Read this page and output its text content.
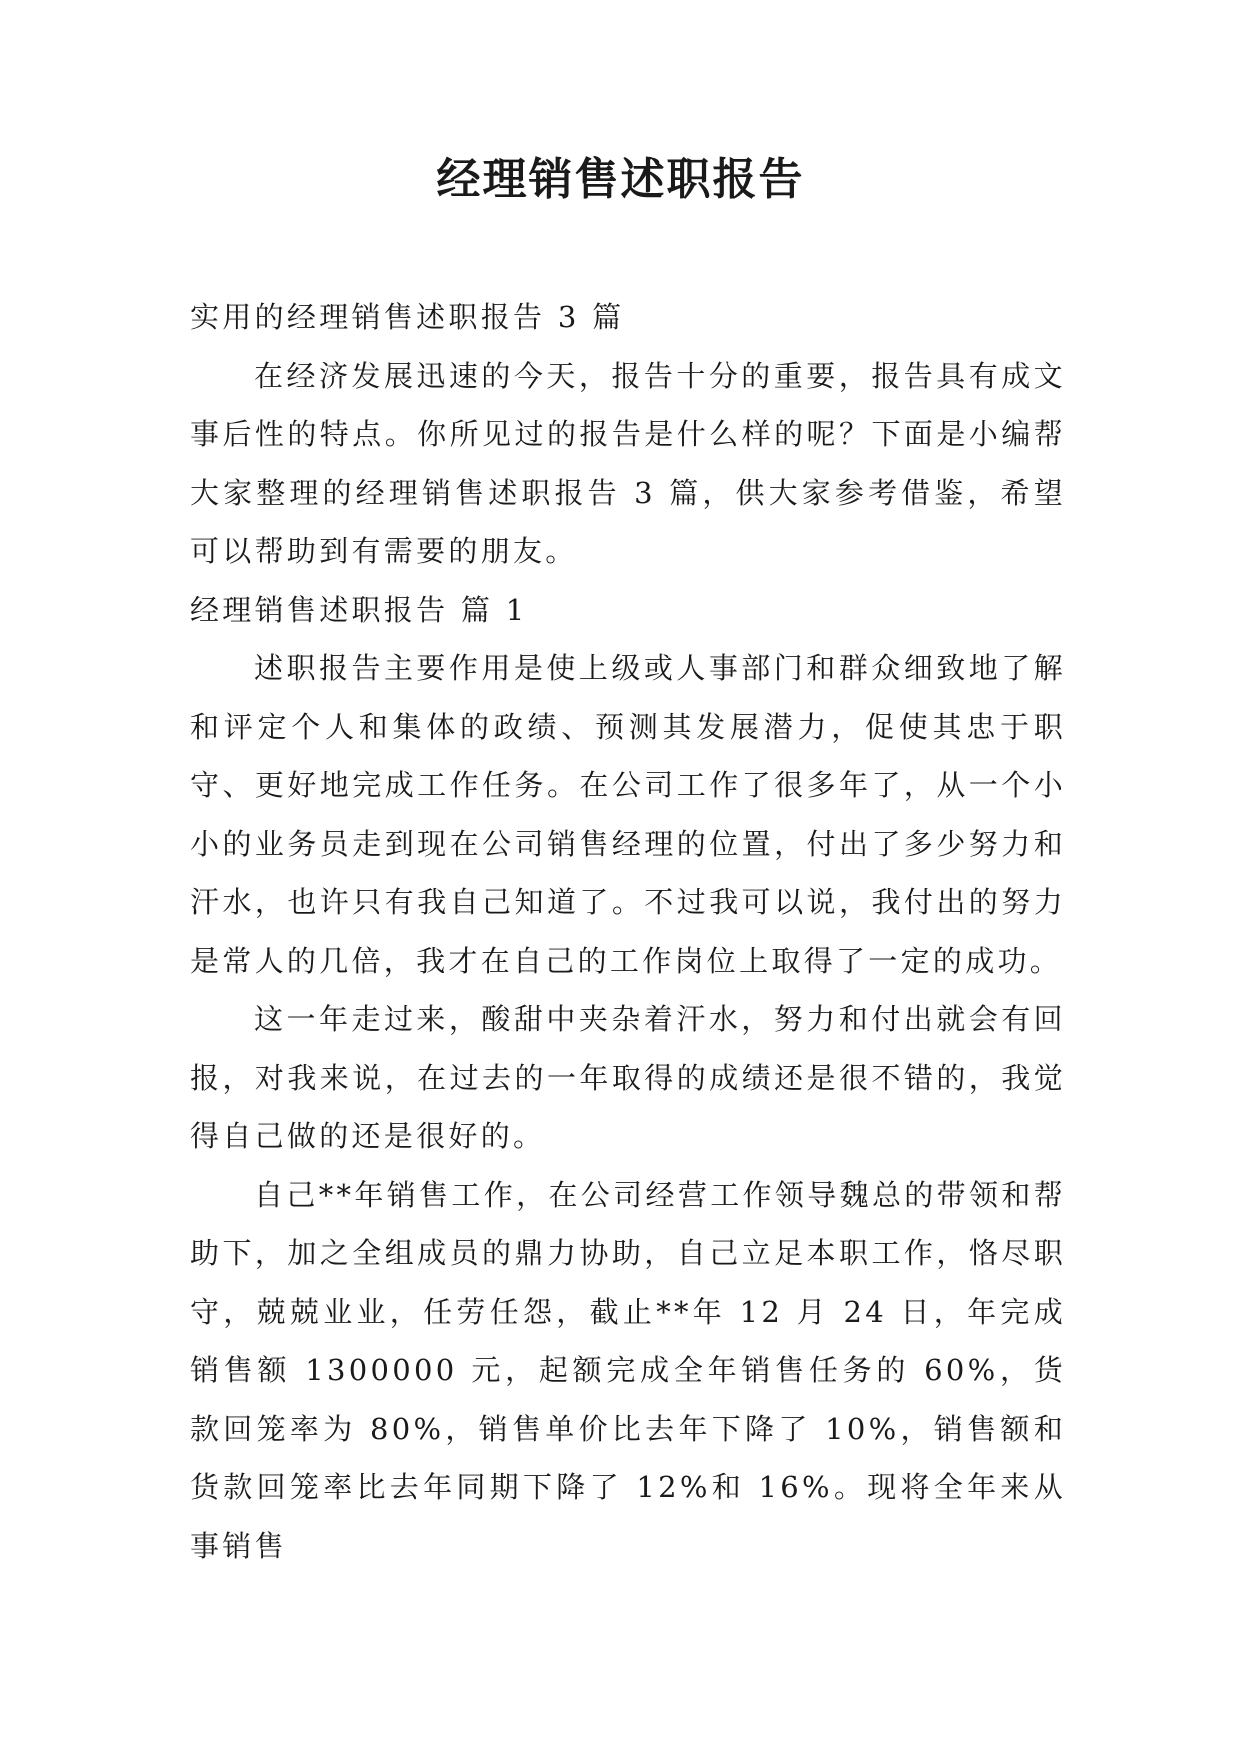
经理销售述职报告

实用的经理销售述职报告 3 篇

在经济发展迅速的今天，报告十分的重要，报告具有成文事后性的特点。你所见过的报告是什么样的呢？下面是小编帮大家整理的经理销售述职报告 3 篇，供大家参考借鉴，希望可以帮助到有需要的朋友。

经理销售述职报告 篇 1

述职报告主要作用是使上级或人事部门和群众细致地了解和评定个人和集体的政绩、预测其发展潜力，促使其忠于职守、更好地完成工作任务。在公司工作了很多年了，从一个小小的业务员走到现在公司销售经理的位置，付出了多少努力和汗水，也许只有我自己知道了。不过我可以说，我付出的努力是常人的几倍，我才在自己的工作岗位上取得了一定的成功。

这一年走过来，酸甜中夹杂着汗水，努力和付出就会有回报，对我来说，在过去的一年取得的成绩还是很不错的，我觉得自己做的还是很好的。

自己**年销售工作，在公司经营工作领导魏总的带领和帮助下，加之全组成员的鼎力协助，自己立足本职工作，恪尽职守，兢兢业业，任劳任怨，截止**年 12 月 24 日，年完成销售额 1300000 元，起额完成全年销售任务的 60%，货款回笼率为 80%，销售单价比去年下降了 10%，销售额和货款回笼率比去年同期下降了 12%和 16%。现将全年来从事销售
